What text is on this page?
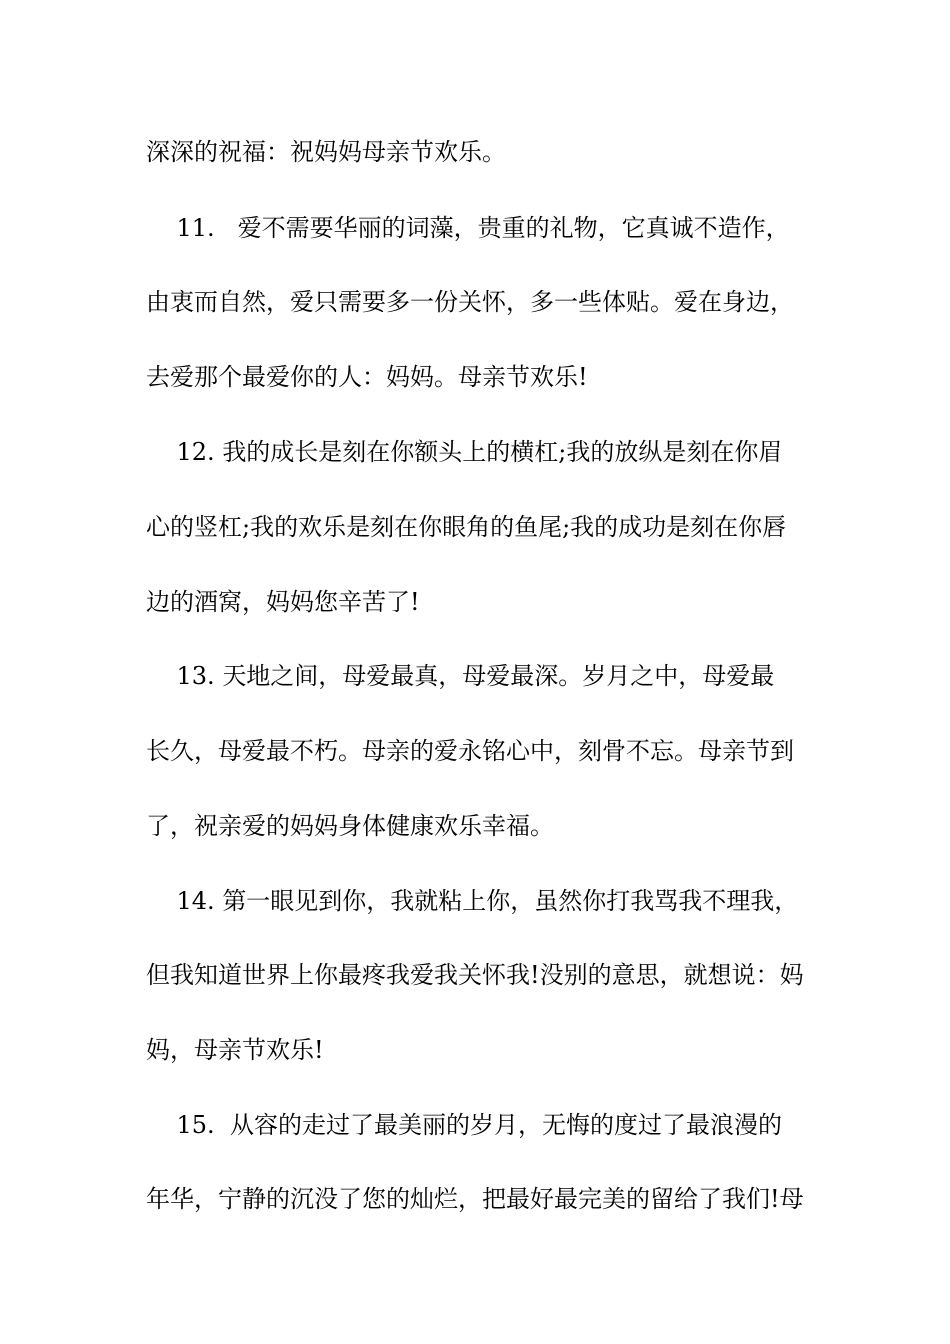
深深的祝福：祝妈妈母亲节欢乐。

11.   爱不需要华丽的词藻，贵重的礼物，它真诚不造作，

由衷而自然，爱只需要多一份关怀，多一些体贴。爱在身边，

去爱那个最爱你的人：妈妈。母亲节欢乐!

12. 我的成长是刻在你额头上的横杠;我的放纵是刻在你眉

心的竖杠;我的欢乐是刻在你眼角的鱼尾;我的成功是刻在你唇

边的酒窝，妈妈您辛苦了!

13. 天地之间，母爱最真，母爱最深。岁月之中，母爱最

长久，母爱最不朽。母亲的爱永铭心中，刻骨不忘。母亲节到

了，祝亲爱的妈妈身体健康欢乐幸福。

14. 第一眼见到你，我就粘上你，虽然你打我骂我不理我，

但我知道世界上你最疼我爱我关怀我!没别的意思，就想说：妈

妈，母亲节欢乐!

15.  从容的走过了最美丽的岁月，无悔的度过了最浪漫的

年华，宁静的沉没了您的灿烂，把最好最完美的留给了我们!母
